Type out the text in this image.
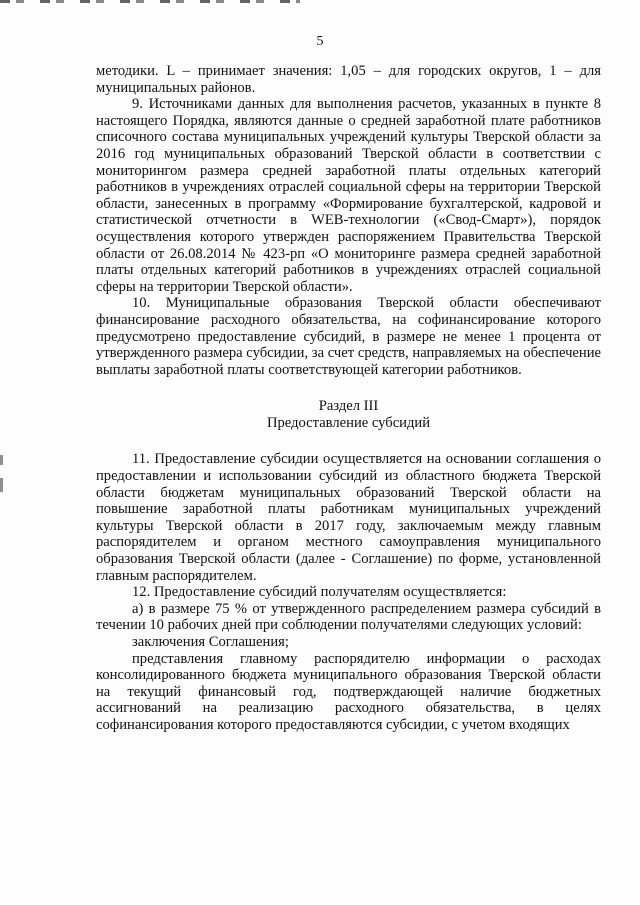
5

методики. L – принимает значения: 1,05 – для городских округов, 1 – для муниципальных районов.

9. Источниками данных для выполнения расчетов, указанных в пункте 8 настоящего Порядка, являются данные о средней заработной плате работников списочного состава муниципальных учреждений культуры Тверской области за 2016 год муниципальных образований Тверской области в соответствии с мониторингом размера средней заработной платы отдельных категорий работников в учреждениях отраслей социальной сферы на территории Тверской области, занесенных в программу «Формирование бухгалтерской, кадровой и статистической отчетности в WEB-технологии («Свод-Смарт»), порядок осуществления которого утвержден распоряжением Правительства Тверской области от 26.08.2014 № 423-рп «О мониторинге размера средней заработной платы отдельных категорий работников в учреждениях отраслей социальной сферы на территории Тверской области».

10. Муниципальные образования Тверской области обеспечивают финансирование расходного обязательства, на софинансирование которого предусмотрено предоставление субсидий, в размере не менее 1 процента от утвержденного размера субсидии, за счет средств, направляемых на обеспечение выплаты заработной платы соответствующей категории работников.

Раздел III

Предоставление субсидий

11. Предоставление субсидии осуществляется на основании соглашения о предоставлении и использовании субсидий из областного бюджета Тверской области бюджетам муниципальных образований Тверской области на повышение заработной платы работникам муниципальных учреждений культуры Тверской области в 2017 году, заключаемым между главным распорядителем и органом местного самоуправления муниципального образования Тверской области (далее - Соглашение) по форме, установленной главным распорядителем.

12. Предоставление субсидий получателям осуществляется:

а) в размере 75 % от утвержденного распределением размера субсидий в течении 10 рабочих дней при соблюдении получателями следующих условий:

заключения Соглашения;

представления главному распорядителю информации о расходах консолидированного бюджета муниципального образования Тверской области на текущий финансовый год, подтверждающей наличие бюджетных ассигнований на реализацию расходного обязательства, в целях софинансирования которого предоставляются субсидии, с учетом входящих
